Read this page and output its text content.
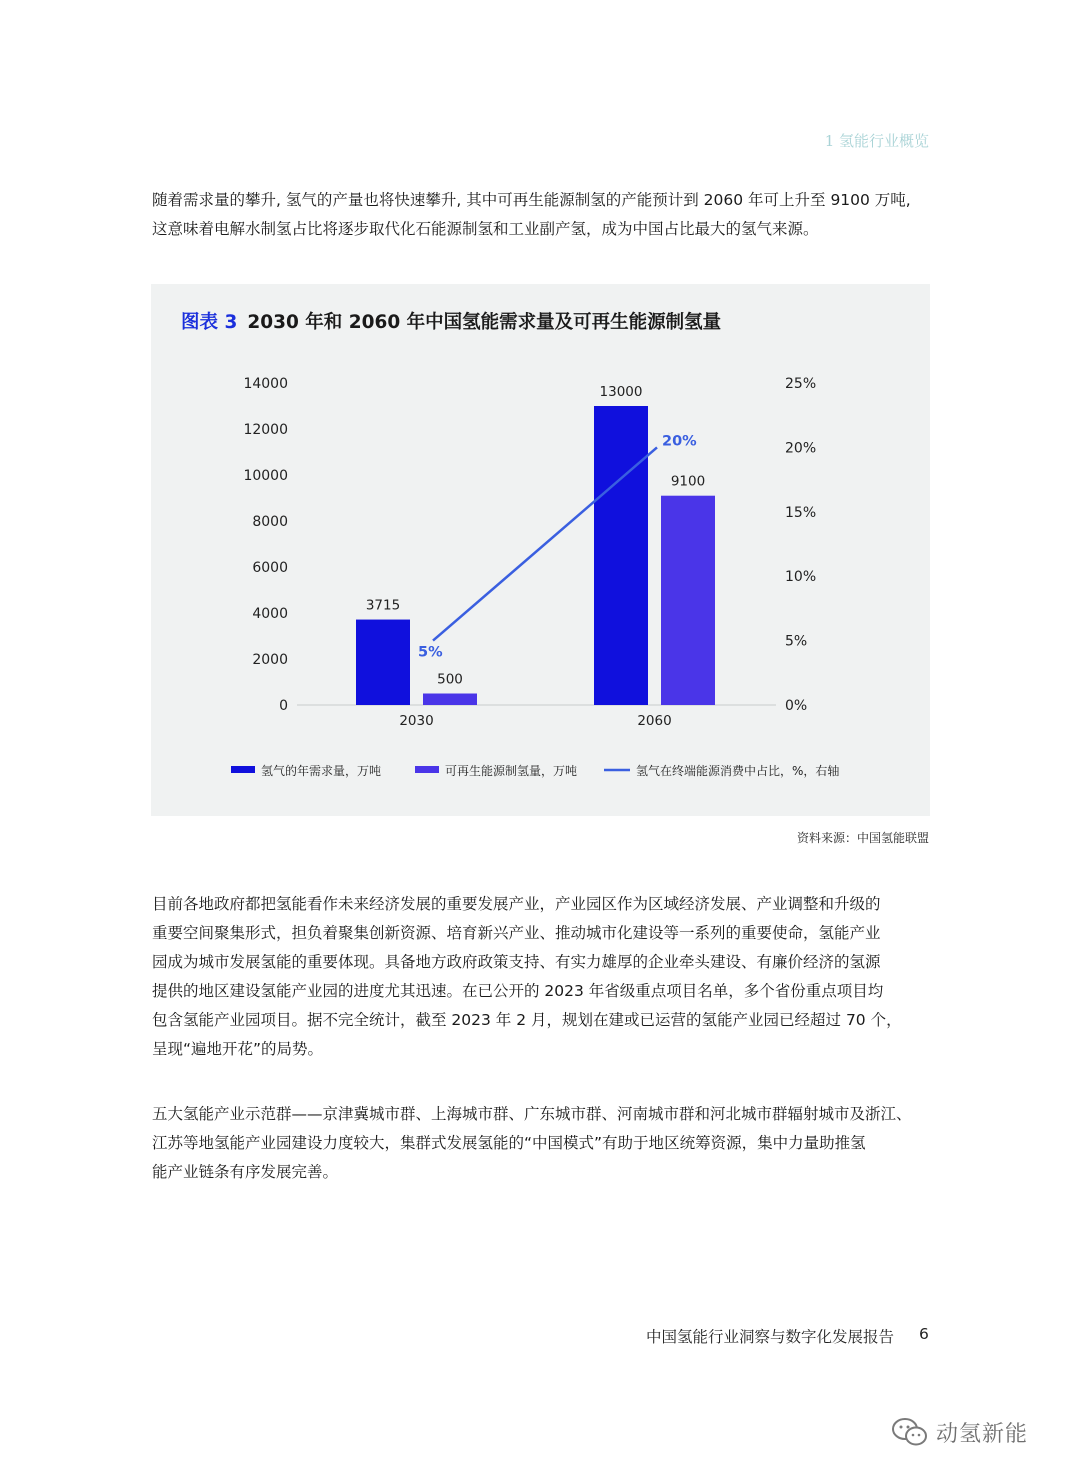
1 氢能行业概览

随着需求量的攀升, 氢气的产量也将快速攀升, 其中可再生能源制氢的产能预计到 2060 年可上升至 9100 万吨,
这意味着电解水制氢占比将逐步取代化石能源制氢和工业副产氢，成为中国占比最大的氢气来源。

图表 3 2030 年和 2060 年中国氢能需求量及可再生能源制氢量
0
2000
4000
6000
8000
10000
12000
14000
0%
5%
10%
15%
20%
25%
3715
500
2030
13000
9100
2060
5%
20%
氢气的年需求量，万吨	可再生能源制氢量，万吨	氢气在终端能源消费中占比，%，右轴
资料来源：中国氢能联盟

目前各地政府都把氢能看作未来经济发展的重要发展产业，产业园区作为区域经济发展、产业调整和升级的
重要空间聚集形式，担负着聚集创新资源、培育新兴产业、推动城市化建设等一系列的重要使命，氢能产业
园成为城市发展氢能的重要体现。具备地方政府政策支持、有实力雄厚的企业牵头建设、有廉价经济的氢源
提供的地区建设氢能产业园的进度尤其迅速。在已公开的 2023 年省级重点项目名单，多个省份重点项目均
包含氢能产业园项目。据不完全统计，截至 2023 年 2 月，规划在建或已运营的氢能产业园已经超过 70 个，
呈现“遍地开花”的局势。

五大氢能产业示范群——京津冀城市群、上海城市群、广东城市群、河南城市群和河北城市群辐射城市及浙江、
江苏等地氢能产业园建设力度较大，集群式发展氢能的“中国模式”有助于地区统筹资源，集中力量助推氢
能产业链条有序发展完善。

中国氢能行业洞察与数字化发展报告 6
动氢新能
